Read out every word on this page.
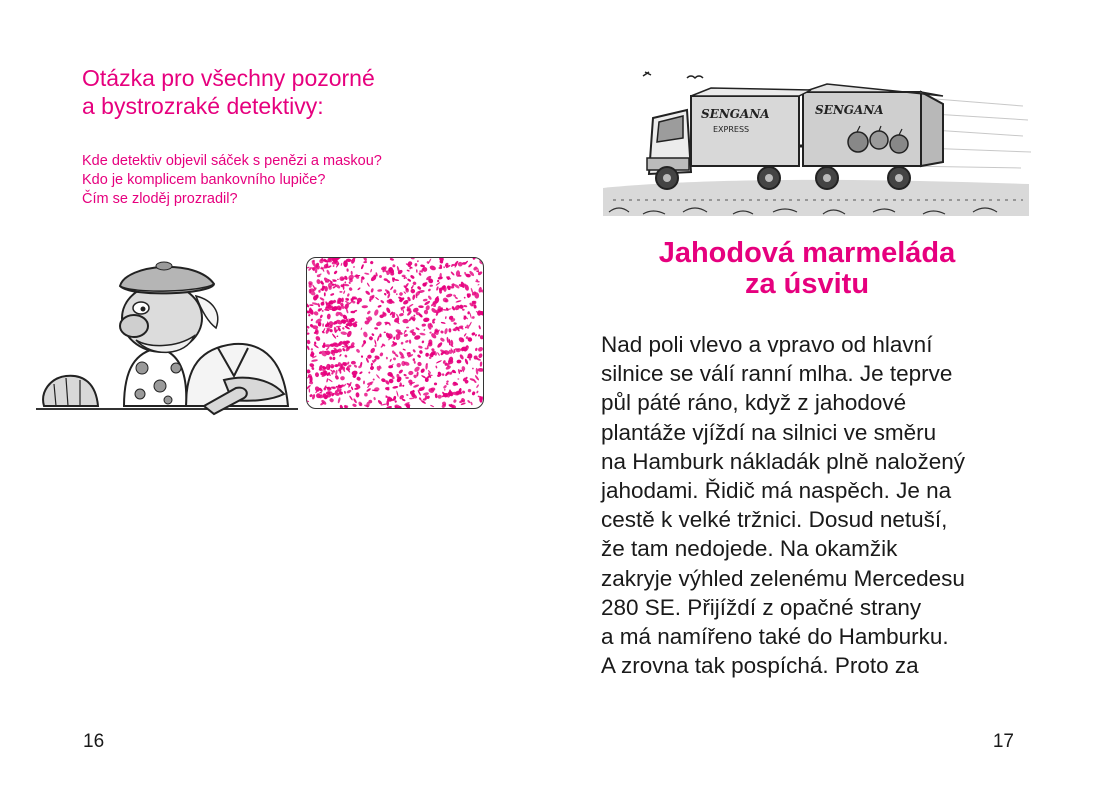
Otázka pro všechny pozorné
a bystrozraké detektivy:
Kde detektiv objevil sáček s penězi a maskou?
Kdo je komplicem bankovního lupiče?
Čím se zloděj prozradil?
16
SENGANA
SENGANA
EXPRESS
Jahodová marmeláda
za úsvitu
Nad poli vlevo a vpravo od hlavní
silnice se válí ranní mlha. Je teprve
půl páté ráno, když z jahodové
plantáže vjíždí na silnici ve směru
na Hamburk nákladák plně naložený
jahodami. Řidič má naspěch. Je na
cestě k velké tržnici. Dosud netuší,
že tam nedojede. Na okamžik
zakryje výhled zelenému Mercedesu
280 SE. Přijíždí z opačné strany
a má namířeno také do Hamburku.
A zrovna tak pospíchá. Proto za
17
